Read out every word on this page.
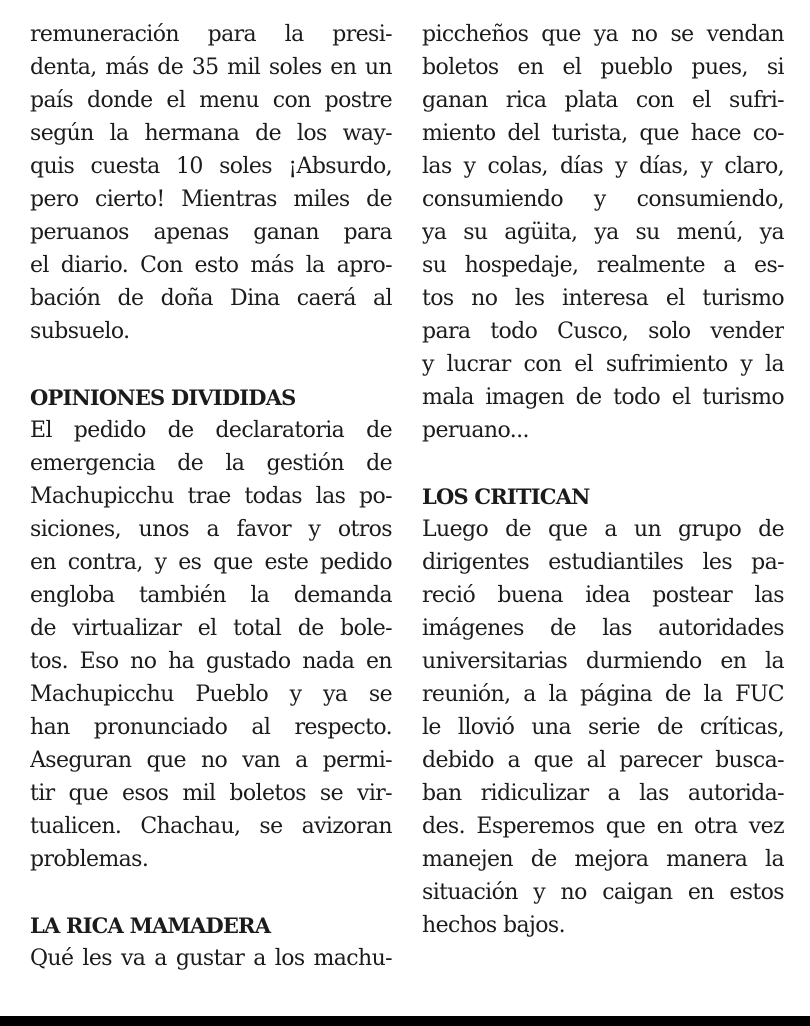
remuneración para la presi-
denta, más de 35 mil soles en un
país donde el menu con postre
según la hermana de los way-
quis cuesta 10 soles ¡Absurdo,
pero cierto! Mientras miles de
peruanos apenas ganan para
el diario. Con esto más la apro-
bación de doña Dina caerá al
subsuelo.
OPINIONES DIVIDIDAS
El pedido de declaratoria de
emergencia de la gestión de
Machupicchu trae todas las po-
siciones, unos a favor y otros
en contra, y es que este pedido
engloba también la demanda
de virtualizar el total de bole-
tos. Eso no ha gustado nada en
Machupicchu Pueblo y ya se
han pronunciado al respecto.
Aseguran que no van a permi-
tir que esos mil boletos se vir-
tualicen. Chachau, se avizoran
problemas.
LA RICA MAMADERA
Qué les va a gustar a los machu-
piccheños que ya no se vendan
boletos en el pueblo pues, si
ganan rica plata con el sufri-
miento del turista, que hace co-
las y colas, días y días, y claro,
consumiendo y consumiendo,
ya su agüita, ya su menú, ya
su hospedaje, realmente a es-
tos no les interesa el turismo
para todo Cusco, solo vender
y lucrar con el sufrimiento y la
mala imagen de todo el turismo
peruano...
LOS CRITICAN
Luego de que a un grupo de
dirigentes estudiantiles les pa-
reció buena idea postear las
imágenes de las autoridades
universitarias durmiendo en la
reunión, a la página de la FUC
le llovió una serie de críticas,
debido a que al parecer busca-
ban ridiculizar a las autorida-
des. Esperemos que en otra vez
manejen de mejora manera la
situación y no caigan en estos
hechos bajos.
